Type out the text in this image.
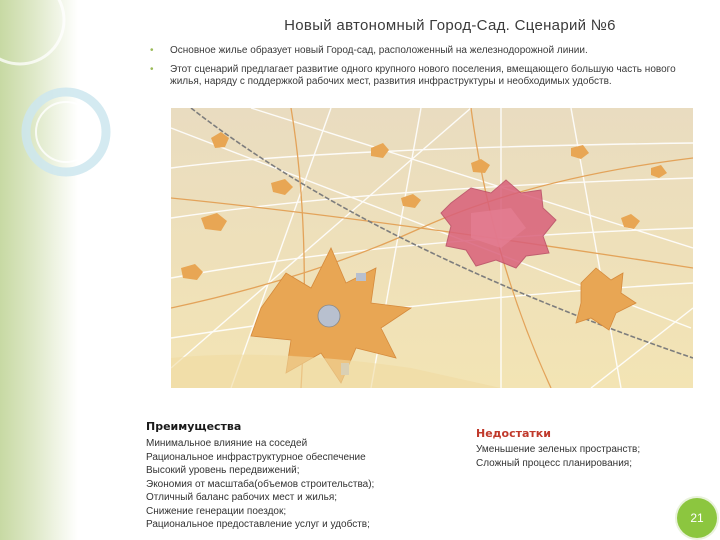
Новый автономный Город-Сад. Сценарий №6
• Основное жилье образует новый Город-сад, расположенный на железнодорожной линии.
• Этот сценарий предлагает развитие одного крупного нового поселения, вмещающего большую часть нового жилья, наряду с поддержкой рабочих мест, развития инфраструктуры и необходимых удобств.
Преимущества
Минимальное влияние на соседей
Рациональное инфраструктурное обеспечение
Высокий уровень передвижений;
Экономия от масштаба(объемов строительства);
Отличный баланс рабочих мест и жилья;
Снижение генерации поездок;
Рациональное предоставление услуг и удобств;
Недостатки
Уменьшение зеленых пространств;
Сложный процесс планирования;
21
